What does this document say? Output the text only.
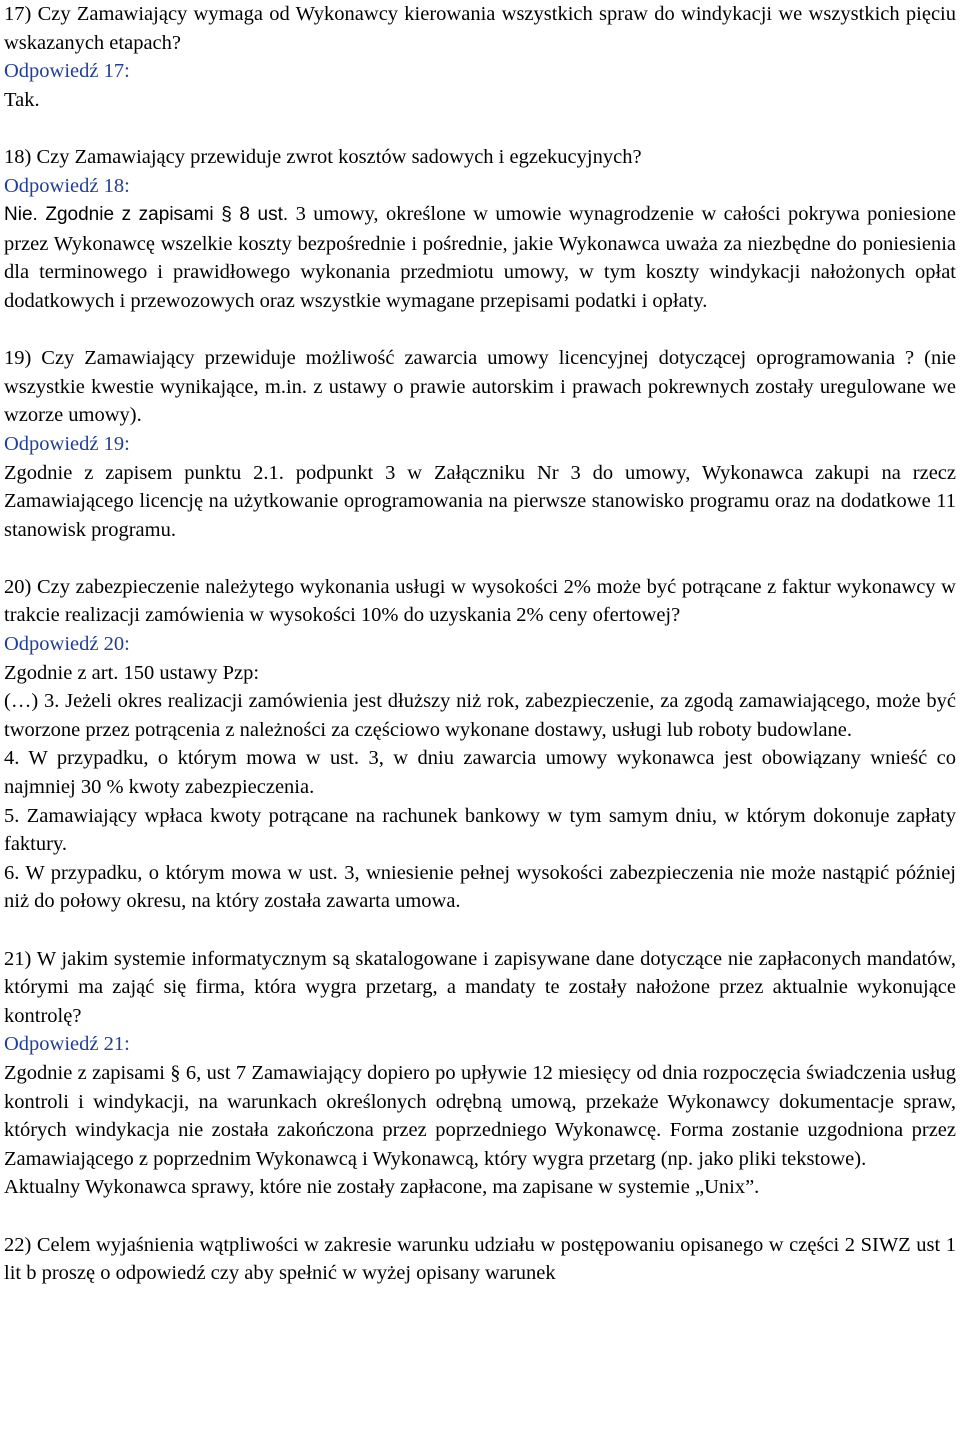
17) Czy Zamawiający wymaga od Wykonawcy kierowania wszystkich spraw do windykacji we wszystkich pięciu wskazanych etapach?

Odpowiedź 17:

Tak.

18) Czy Zamawiający przewiduje zwrot kosztów sadowych i egzekucyjnych?

Odpowiedź 18:

Nie. Zgodnie z zapisami § 8 ust. 3 umowy, określone w umowie wynagrodzenie w całości pokrywa poniesione przez Wykonawcę wszelkie koszty bezpośrednie i pośrednie, jakie Wykonawca uważa za niezbędne do poniesienia dla terminowego i prawidłowego wykonania przedmiotu umowy, w tym koszty windykacji nałożonych opłat dodatkowych i przewozowych oraz wszystkie wymagane przepisami podatki i opłaty.

19) Czy Zamawiający przewiduje możliwość zawarcia umowy licencyjnej dotyczącej oprogramowania ? (nie wszystkie kwestie wynikające, m.in. z ustawy o prawie autorskim i prawach pokrewnych zostały uregulowane we wzorze umowy).

Odpowiedź 19:

Zgodnie z zapisem punktu 2.1. podpunkt 3 w Załączniku Nr 3 do umowy, Wykonawca zakupi na rzecz Zamawiającego licencję na użytkowanie oprogramowania na pierwsze stanowisko programu oraz na dodatkowe 11 stanowisk programu.

20) Czy zabezpieczenie należytego wykonania usługi w wysokości 2% może być potrącane z faktur wykonawcy w trakcie realizacji zamówienia w wysokości 10% do uzyskania 2% ceny ofertowej?

Odpowiedź 20:

Zgodnie z art. 150 ustawy Pzp:

(…) 3. Jeżeli okres realizacji zamówienia jest dłuższy niż rok, zabezpieczenie, za zgodą zamawiającego, może być tworzone przez potrącenia z należności za częściowo wykonane dostawy, usługi lub roboty budowlane.

4. W przypadku, o którym mowa w ust. 3, w dniu zawarcia umowy wykonawca jest obowiązany wnieść co najmniej 30 % kwoty zabezpieczenia.

5. Zamawiający wpłaca kwoty potrącane na rachunek bankowy w tym samym dniu, w którym dokonuje zapłaty faktury.

6. W przypadku, o którym mowa w ust. 3, wniesienie pełnej wysokości zabezpieczenia nie może nastąpić później niż do połowy okresu, na który została zawarta umowa.

21) W jakim systemie informatycznym są skatalogowane i zapisywane dane dotyczące nie zapłaconych mandatów, którymi ma zająć się firma, która wygra przetarg, a mandaty te zostały nałożone przez aktualnie wykonujące kontrolę?

Odpowiedź 21:

Zgodnie z zapisami § 6, ust 7 Zamawiający dopiero po upływie 12 miesięcy od dnia rozpoczęcia świadczenia usług kontroli i windykacji, na warunkach określonych odrębną umową, przekaże Wykonawcy dokumentacje spraw, których windykacja nie została zakończona przez poprzedniego Wykonawcę. Forma zostanie uzgodniona przez Zamawiającego z poprzednim Wykonawcą i Wykonawcą, który wygra przetarg (np. jako pliki tekstowe).

Aktualny Wykonawca sprawy, które nie zostały zapłacone, ma zapisane w systemie „Unix”.

22) Celem wyjaśnienia wątpliwości w zakresie warunku udziału w postępowaniu opisanego w części 2 SIWZ ust 1 lit b proszę o odpowiedź czy aby spełnić w wyżej opisany warunek
